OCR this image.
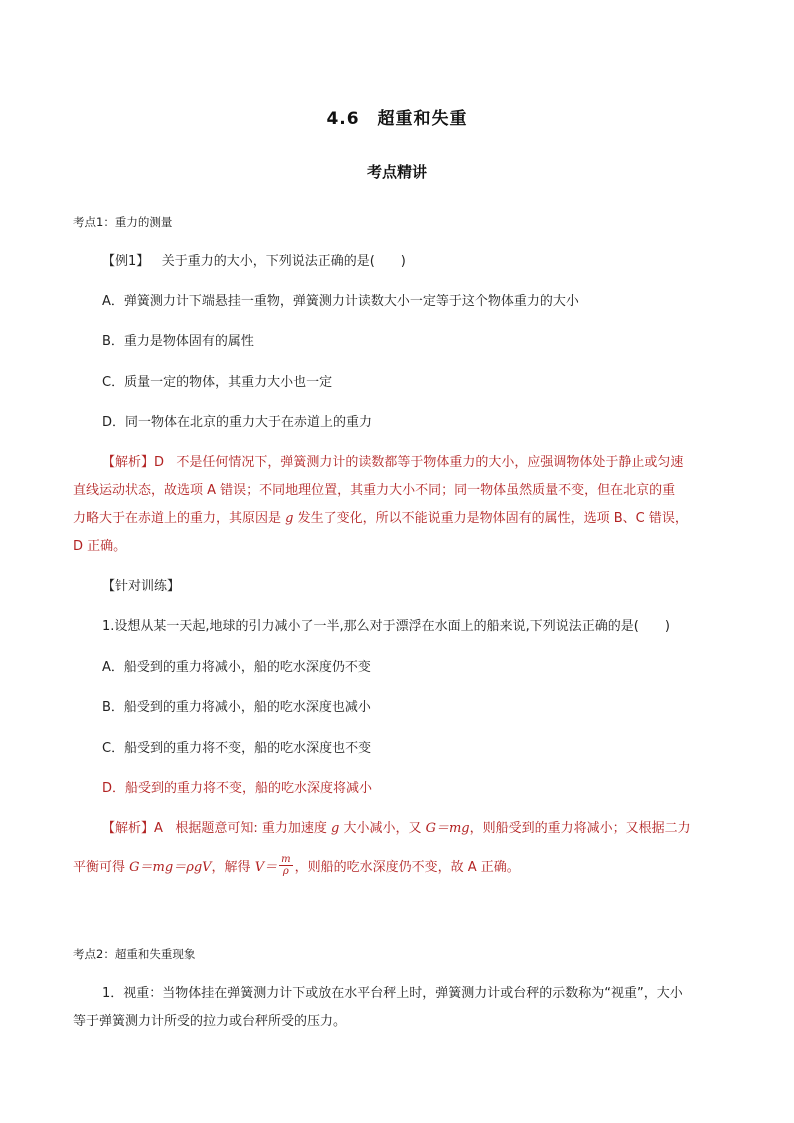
4.6　超重和失重
考点精讲
考点1：重力的测量
【例1】 关于重力的大小，下列说法正确的是(　　)
A．弹簧测力计下端悬挂一重物，弹簧测力计读数大小一定等于这个物体重力的大小
B．重力是物体固有的属性
C．质量一定的物体，其重力大小也一定
D．同一物体在北京的重力大于在赤道上的重力
【解析】D 不是任何情况下，弹簧测力计的读数都等于物体重力的大小，应强调物体处于静止或匀速
直线运动状态，故选项 A 错误；不同地理位置，其重力大小不同；同一物体虽然质量不变，但在北京的重
力略大于在赤道上的重力，其原因是 g 发生了变化，所以不能说重力是物体固有的属性，选项 B、C 错误，
D 正确。
【针对训练】
1.设想从某一天起,地球的引力减小了一半,那么对于漂浮在水面上的船来说,下列说法正确的是(　　)
A．船受到的重力将减小，船的吃水深度仍不变
B．船受到的重力将减小，船的吃水深度也减小
C．船受到的重力将不变，船的吃水深度也不变
D．船受到的重力将不变，船的吃水深度将减小
【解析】A 根据题意可知: 重力加速度 g 大小减小，又 G＝mg，则船受到的重力将减小；又根据二力
平衡可得 G＝mg＝ρgV，解得 $V= \frac{m}{\rho}$ ，则船的吃水深度仍不变，故 A 正确。
考点2：超重和失重现象
1．视重：当物体挂在弹簧测力计下或放在水平台秤上时，弹簧测力计或台秤的示数称为“视重”，大小
等于弹簧测力计所受的拉力或台秤所受的压力。
